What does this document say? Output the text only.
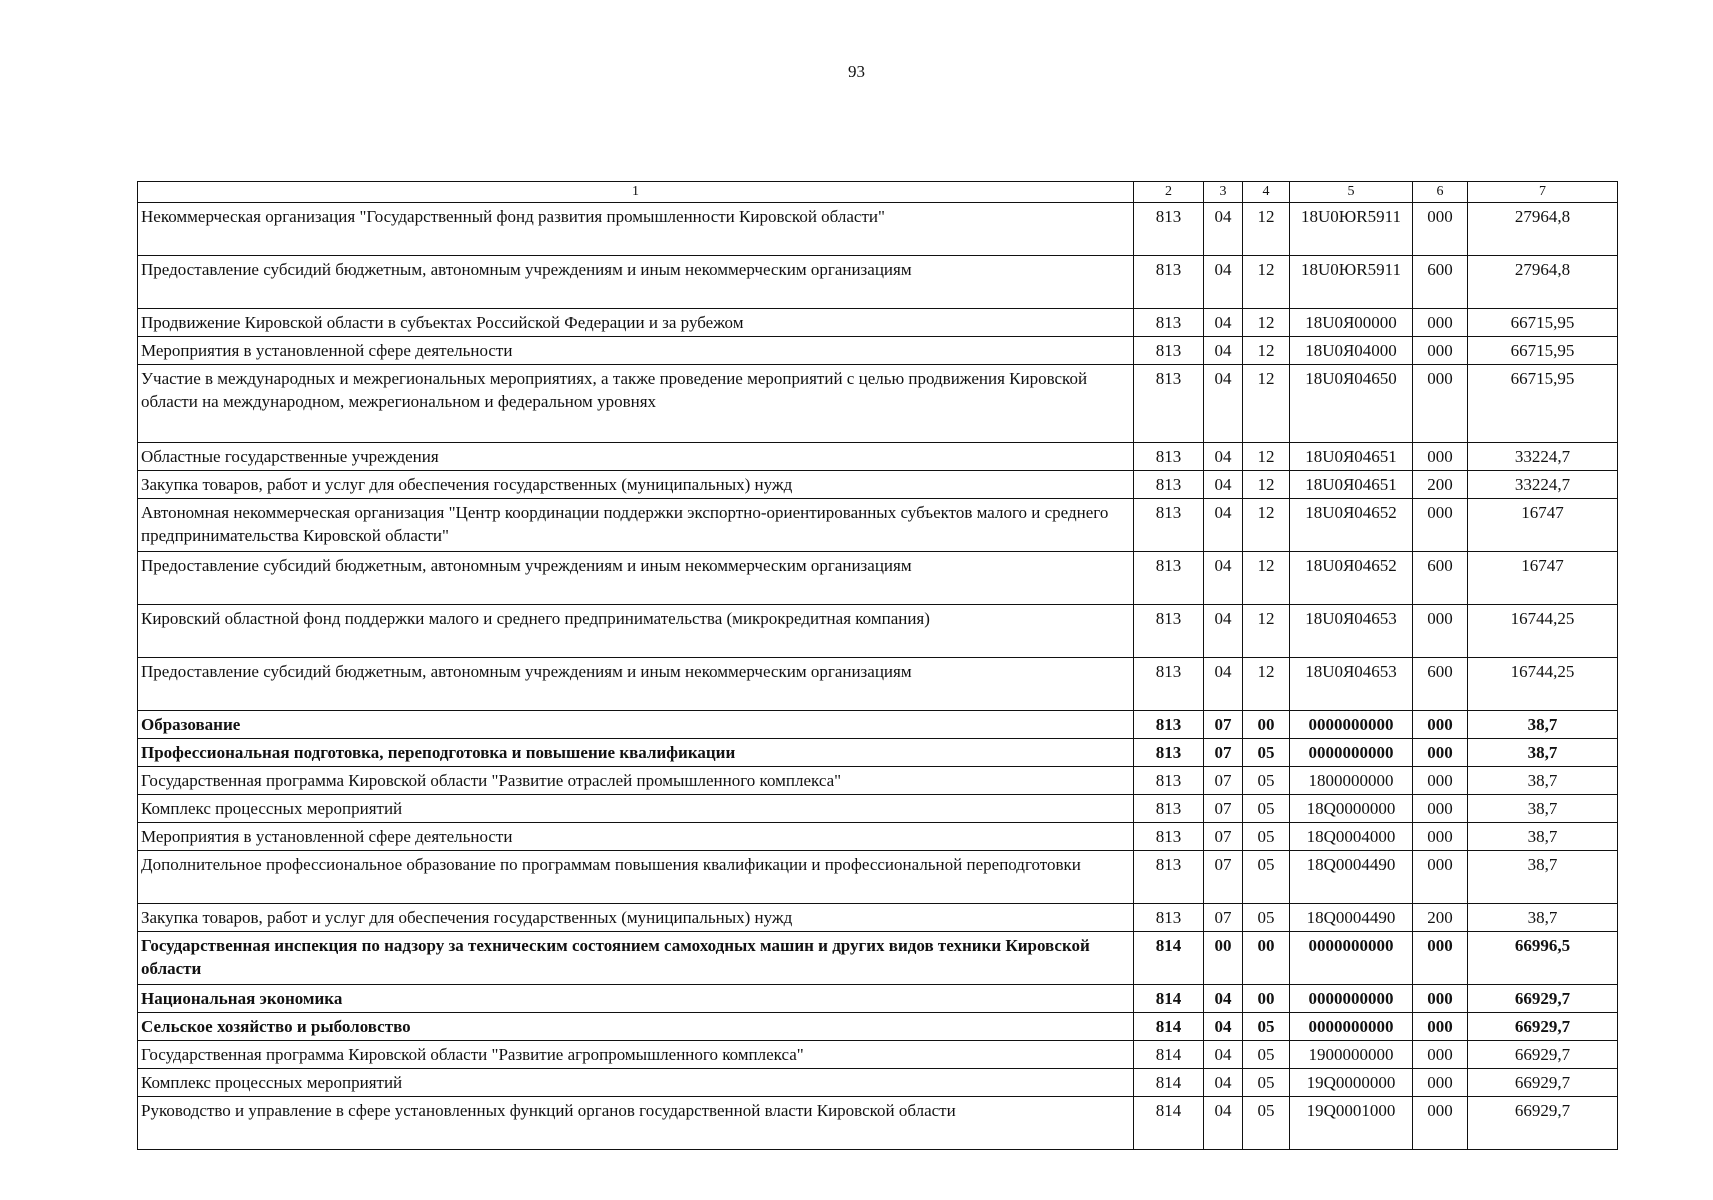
93
1	2	3	4	5	6	7
Некоммерческая организация "Государственный фонд развития промышленности Кировской области"	813	04	12	18U0ЮR5911	000	27964,8
Предоставление субсидий бюджетным, автономным учреждениям и иным некоммерческим организациям	813	04	12	18U0ЮR5911	600	27964,8
Продвижение Кировской области в субъектах Российской Федерации и за рубежом	813	04	12	18U0Я00000	000	66715,95
Мероприятия в установленной сфере деятельности	813	04	12	18U0Я04000	000	66715,95
Участие в международных и межрегиональных мероприятиях, а также проведение мероприятий с целью продвижения Кировской области на международном, межрегиональном и федеральном уровнях	813	04	12	18U0Я04650	000	66715,95
Областные государственные учреждения	813	04	12	18U0Я04651	000	33224,7
Закупка товаров, работ и услуг для обеспечения государственных (муниципальных) нужд	813	04	12	18U0Я04651	200	33224,7
Автономная некоммерческая организация "Центр координации поддержки экспортно-ориентированных субъектов малого и среднего предпринимательства Кировской области"	813	04	12	18U0Я04652	000	16747
Предоставление субсидий бюджетным, автономным учреждениям и иным некоммерческим организациям	813	04	12	18U0Я04652	600	16747
Кировский областной фонд поддержки малого и среднего предпринимательства (микрокредитная компания)	813	04	12	18U0Я04653	000	16744,25
Предоставление субсидий бюджетным, автономным учреждениям и иным некоммерческим организациям	813	04	12	18U0Я04653	600	16744,25
Образование	813	07	00	0000000000	000	38,7
Профессиональная подготовка, переподготовка и повышение квалификации	813	07	05	0000000000	000	38,7
Государственная программа Кировской области "Развитие отраслей промышленного комплекса"	813	07	05	1800000000	000	38,7
Комплекс процессных мероприятий	813	07	05	18Q0000000	000	38,7
Мероприятия в установленной сфере деятельности	813	07	05	18Q0004000	000	38,7
Дополнительное профессиональное образование по программам повышения квалификации и профессиональной переподготовки	813	07	05	18Q0004490	000	38,7
Закупка товаров, работ и услуг для обеспечения государственных (муниципальных) нужд	813	07	05	18Q0004490	200	38,7
Государственная инспекция по надзору за техническим состоянием самоходных машин и других видов техники Кировской области	814	00	00	0000000000	000	66996,5
Национальная экономика	814	04	00	0000000000	000	66929,7
Сельское хозяйство и рыболовство	814	04	05	0000000000	000	66929,7
Государственная программа Кировской области "Развитие агропромышленного комплекса"	814	04	05	1900000000	000	66929,7
Комплекс процессных мероприятий	814	04	05	19Q0000000	000	66929,7
Руководство и управление в сфере установленных функций органов государственной власти Кировской области	814	04	05	19Q0001000	000	66929,7
